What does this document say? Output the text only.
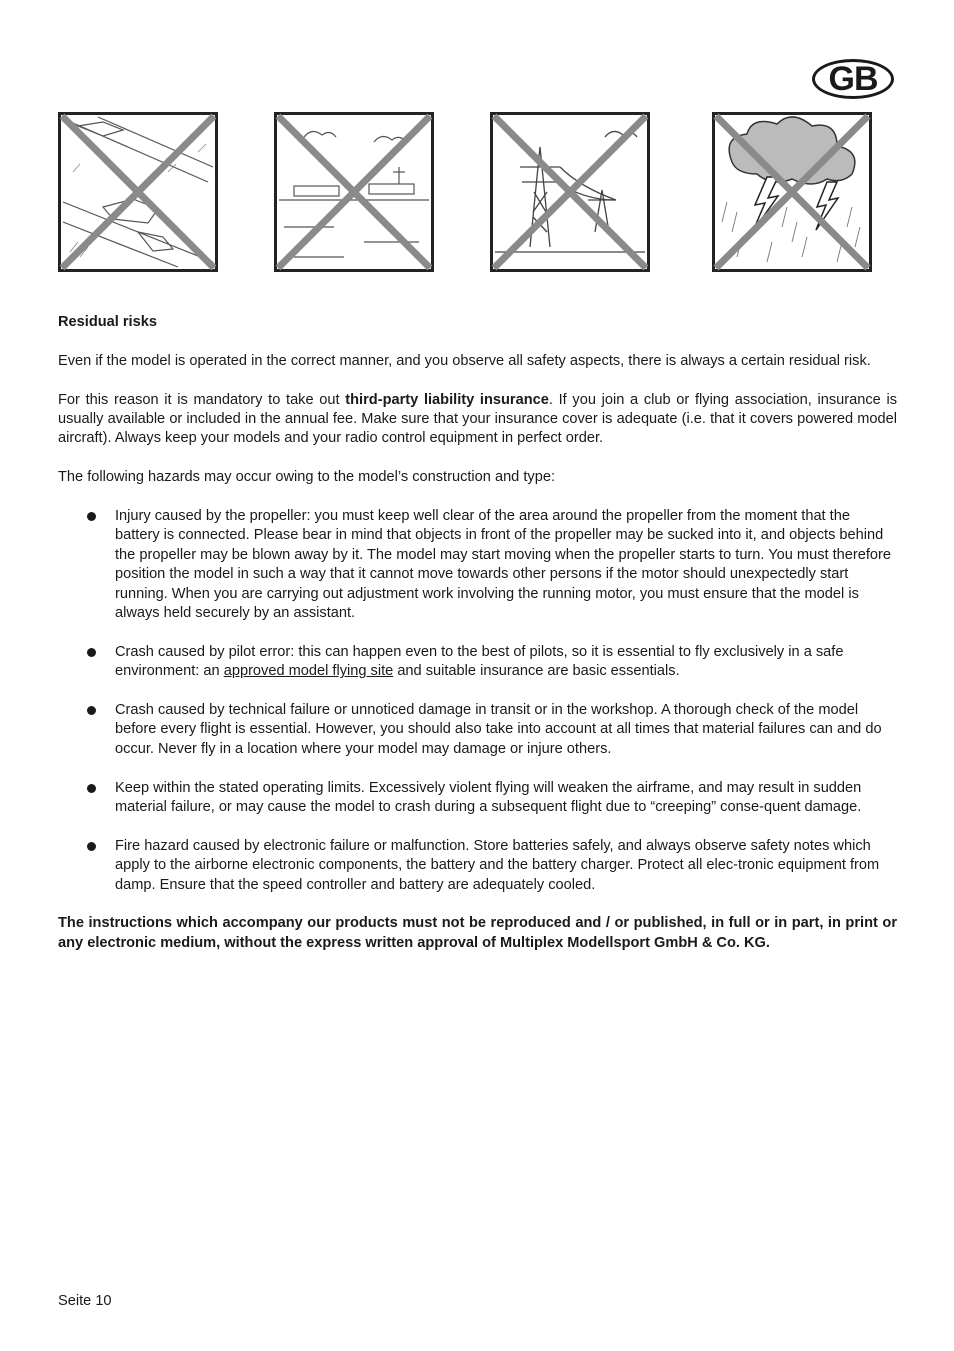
GB

Residual risks

Even if the model is operated in the correct manner, and you observe all safety aspects, there is always a certain residual risk.

For this reason it is mandatory to take out third-party liability insurance. If you join a club or flying association, insurance is usually available or included in the annual fee. Make sure that your insurance cover is adequate (i.e. that it covers powered model aircraft). Always keep your models and your radio control equipment in perfect order.

The following hazards may occur owing to the model’s construction and type:

Injury caused by the propeller: you must keep well clear of the area around the propeller from the moment that the battery is connected. Please bear in mind that objects in front of the propeller may be sucked into it, and objects behind the propeller may be blown away by it. The model may start moving when the propeller starts to turn. You must therefore position the model in such a way that it cannot move towards other persons if the motor should unexpectedly start running. When you are carrying out adjustment work involving the running motor, you must ensure that the model is always held securely by an assistant.
Crash caused by pilot error: this can happen even to the best of pilots, so it is essential to fly exclusively in a safe environment: an approved model flying site and suitable insurance are basic essentials.
Crash caused by technical failure or unnoticed damage in transit or in the workshop. A thorough check of the model before every flight is essential. However, you should also take into account at all times that material failures can and do occur. Never fly in a location where your model may damage or injure others.
Keep within the stated operating limits. Excessively violent flying will weaken the airframe, and may result in sudden material failure, or may cause the model to crash during a subsequent flight due to “creeping” conse-quent damage.
Fire hazard caused by electronic failure or malfunction. Store batteries safely, and always observe safety notes which apply to the airborne electronic components, the battery and the battery charger. Protect all elec-tronic equipment from damp. Ensure that the speed controller and battery are adequately cooled.

The instructions which accompany our products must not be reproduced and / or published, in full or in part, in print or any electronic medium, without the express written approval of Multiplex Modellsport GmbH & Co. KG.

Seite 10
